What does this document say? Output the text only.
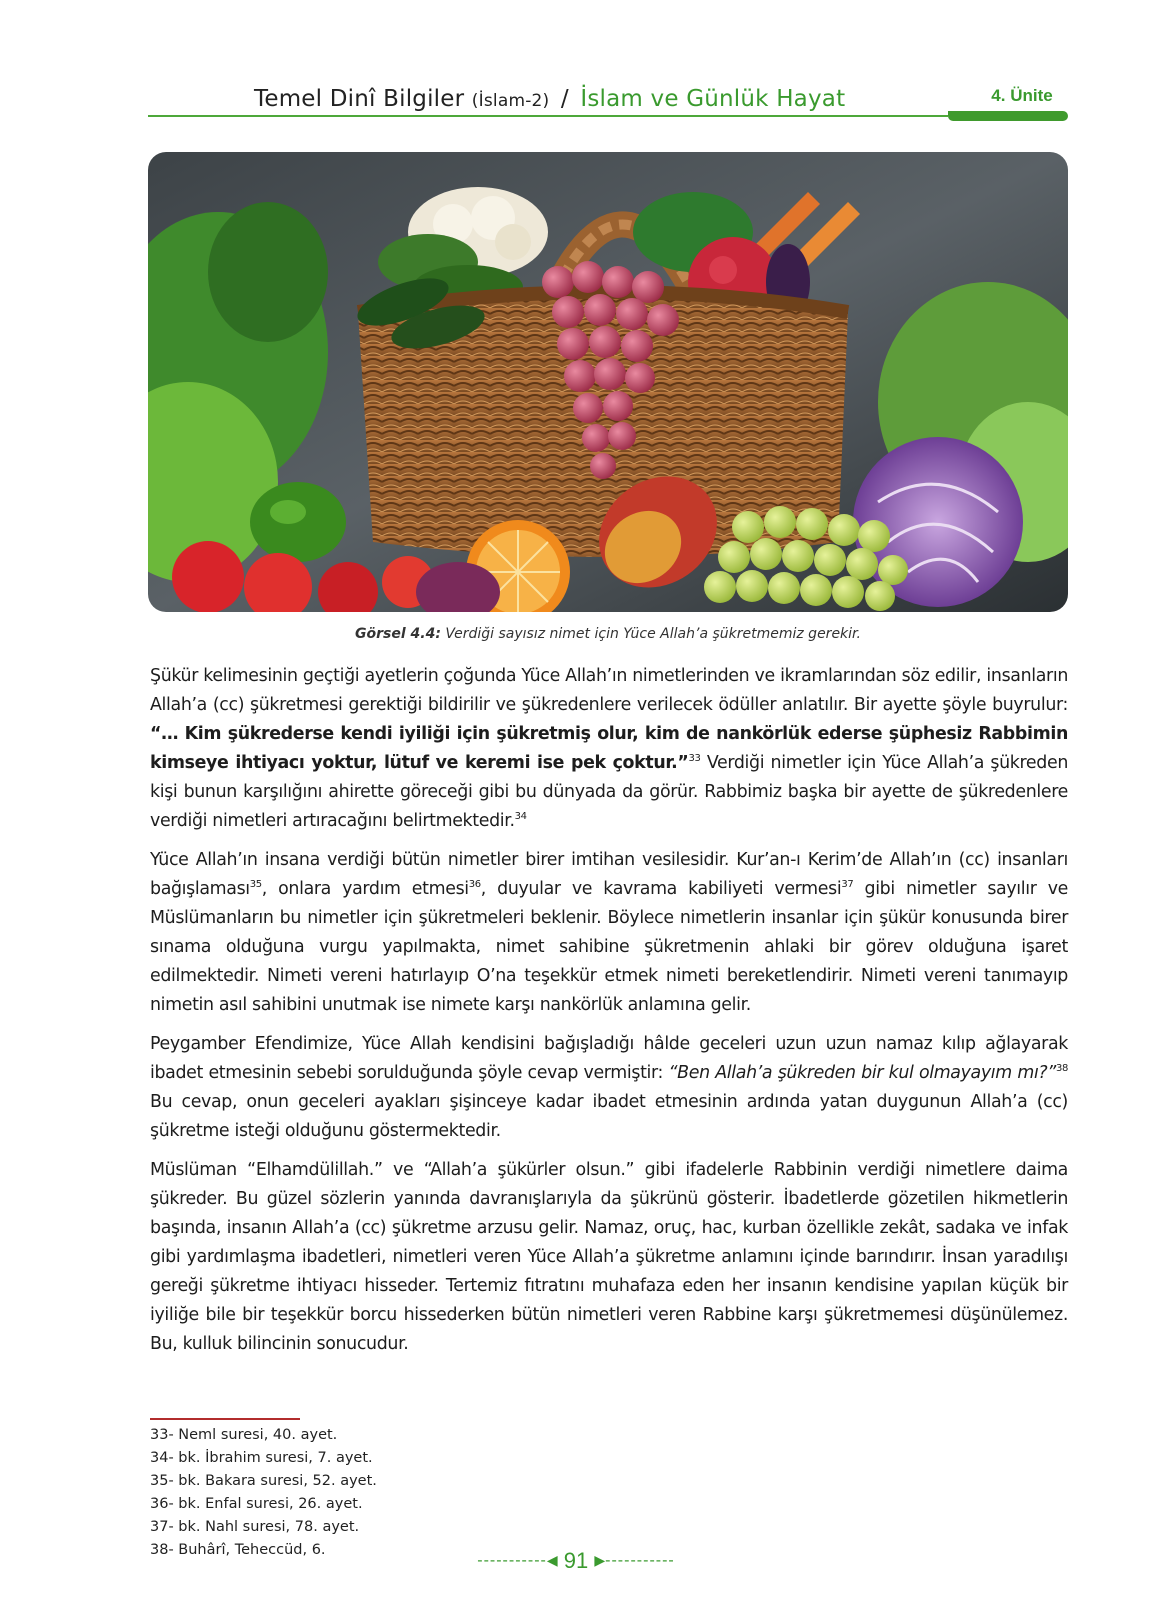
Temel Dinî Bilgiler (İslam-2) / İslam ve Günlük Hayat	4. Ünite
Görsel 4.4: Verdiği sayısız nimet için Yüce Allah’a şükretmemiz gerekir.

Şükür kelimesinin geçtiği ayetlerin çoğunda Yüce Allah’ın nimetlerinden ve ikramlarından söz edilir, insanların Allah’a (cc) şükretmesi gerektiği bildirilir ve şükredenlere verilecek ödüller anlatılır. Bir ayette şöyle buyrulur: “… Kim şükrederse kendi iyiliği için şükretmiş olur, kim de nankörlük ederse şüphesiz Rabbimin kimseye ihtiyacı yoktur, lütuf ve keremi ise pek çoktur.”$^{33}$ Verdiği nimetler için Yüce Allah’a şükreden kişi bunun karşılığını ahirette göreceği gibi bu dünyada da görür. Rabbimiz başka bir ayette de şükredenlere verdiği nimetleri artıracağını belirtmektedir.$^{34}$

Yüce Allah’ın insana verdiği bütün nimetler birer imtihan vesilesidir. Kur’an-ı Kerim’de Allah’ın (cc) insanları bağışlaması$^{35}$, onlara yardım etmesi$^{36}$, duyular ve kavrama kabiliyeti vermesi$^{37}$ gibi nimetler sayılır ve Müslümanların bu nimetler için şükretmeleri beklenir. Böylece nimetlerin insanlar için şükür konusunda birer sınama olduğuna vurgu yapılmakta, nimet sahibine şükretmenin ahlaki bir görev olduğuna işaret edilmektedir. Nimeti vereni hatırlayıp O’na teşekkür etmek nimeti bereketlendirir. Nimeti vereni tanımayıp nimetin asıl sahibini unutmak ise nimete karşı nankörlük anlamına gelir.

Peygamber Efendimize, Yüce Allah kendisini bağışladığı hâlde geceleri uzun uzun namaz kılıp ağlayarak ibadet etmesinin sebebi sorulduğunda şöyle cevap vermiştir: “Ben Allah’a şükreden bir kul olmayayım mı?”$^{38}$ Bu cevap, onun geceleri ayakları şişinceye kadar ibadet etmesinin ardında yatan duygunun Allah’a (cc) şükretme isteği olduğunu göstermektedir.

Müslüman “Elhamdülillah.” ve “Allah’a şükürler olsun.” gibi ifadelerle Rabbinin verdiği nimetlere daima şükreder. Bu güzel sözlerin yanında davranışlarıyla da şükrünü gösterir. İbadetlerde gözetilen hikmetlerin başında, insanın Allah’a (cc) şükretme arzusu gelir. Namaz, oruç, hac, kurban özellikle zekât, sadaka ve infak gibi yardımlaşma ibadetleri, nimetleri veren Yüce Allah’a şükretme anlamını içinde barındırır. İnsan yaradılışı gereği şükretme ihtiyacı hisseder. Tertemiz fıtratını muhafaza eden her insanın kendisine yapılan küçük bir iyiliğe bile bir teşekkür borcu hissederken bütün nimetleri veren Rabbine karşı şükretmemesi düşünülemez. Bu, kulluk bilincinin sonucudur.

33- Neml suresi, 40. ayet.
34- bk. İbrahim suresi, 7. ayet.
35- bk. Bakara suresi, 52. ayet.
36- bk. Enfal suresi, 26. ayet.
37- bk. Nahl suresi, 78. ayet.
38- Buhârî, Teheccüd, 6.
-----------◀ 91 ▶-----------
